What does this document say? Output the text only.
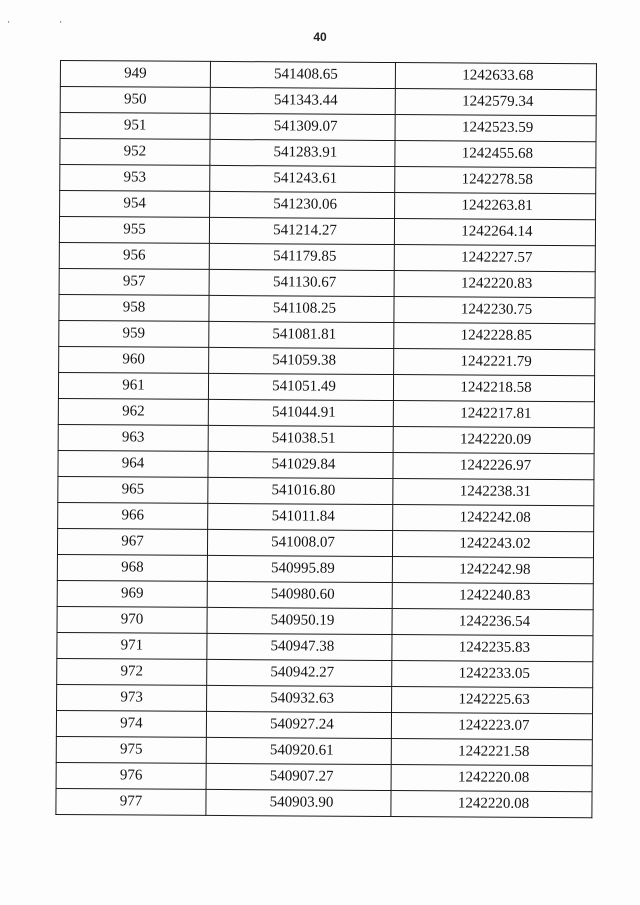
'	'
40
949	541408.65	1242633.68
950	541343.44	1242579.34
951	541309.07	1242523.59
952	541283.91	1242455.68
953	541243.61	1242278.58
954	541230.06	1242263.81
955	541214.27	1242264.14
956	541179.85	1242227.57
957	541130.67	1242220.83
958	541108.25	1242230.75
959	541081.81	1242228.85
960	541059.38	1242221.79
961	541051.49	1242218.58
962	541044.91	1242217.81
963	541038.51	1242220.09
964	541029.84	1242226.97
965	541016.80	1242238.31
966	541011.84	1242242.08
967	541008.07	1242243.02
968	540995.89	1242242.98
969	540980.60	1242240.83
970	540950.19	1242236.54
971	540947.38	1242235.83
972	540942.27	1242233.05
973	540932.63	1242225.63
974	540927.24	1242223.07
975	540920.61	1242221.58
976	540907.27	1242220.08
977	540903.90	1242220.08
